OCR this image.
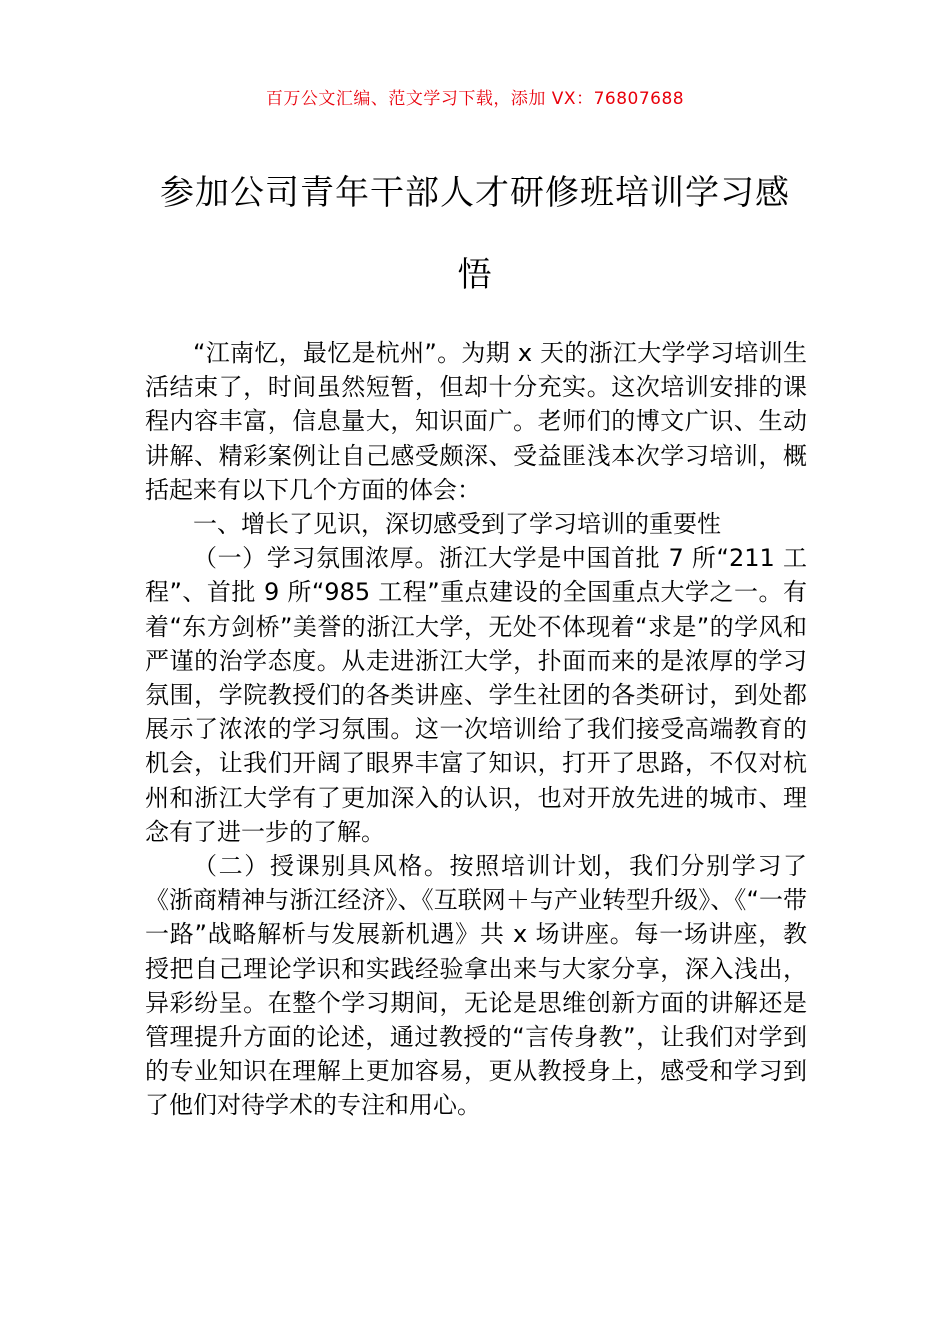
百万公文汇编、范文学习下载，添加 VX：76807688
参加公司青年干部人才研修班培训学习感悟

“江南忆，最忆是杭州”。为期 x 天的浙江大学学习培训生活结束了，时间虽然短暂，但却十分充实。这次培训安排的课程内容丰富，信息量大，知识面广。老师们的博文广识、生动讲解、精彩案例让自己感受颇深、受益匪浅本次学习培训，概括起来有以下几个方面的体会：

一、增长了见识，深切感受到了学习培训的重要性

（一）学习氛围浓厚。浙江大学是中国首批 7 所“211 工程”、首批 9 所“985 工程”重点建设的全国重点大学之一。有着“东方剑桥”美誉的浙江大学，无处不体现着“求是”的学风和严谨的治学态度。从走进浙江大学，扑面而来的是浓厚的学习氛围，学院教授们的各类讲座、学生社团的各类研讨，到处都展示了浓浓的学习氛围。这一次培训给了我们接受高端教育的机会，让我们开阔了眼界丰富了知识，打开了思路，不仅对杭州和浙江大学有了更加深入的认识，也对开放先进的城市、理念有了进一步的了解。

（二）授课别具风格。按照培训计划，我们分别学习了《浙商精神与浙江经济》、《互联网＋与产业转型升级》、《“一带一路”战略解析与发展新机遇》共 x 场讲座。每一场讲座，教授把自己理论学识和实践经验拿出来与大家分享，深入浅出，异彩纷呈。在整个学习期间，无论是思维创新方面的讲解还是管理提升方面的论述，通过教授的“言传身教”，让我们对学到的专业知识在理解上更加容易，更从教授身上，感受和学习到了他们对待学术的专注和用心。
